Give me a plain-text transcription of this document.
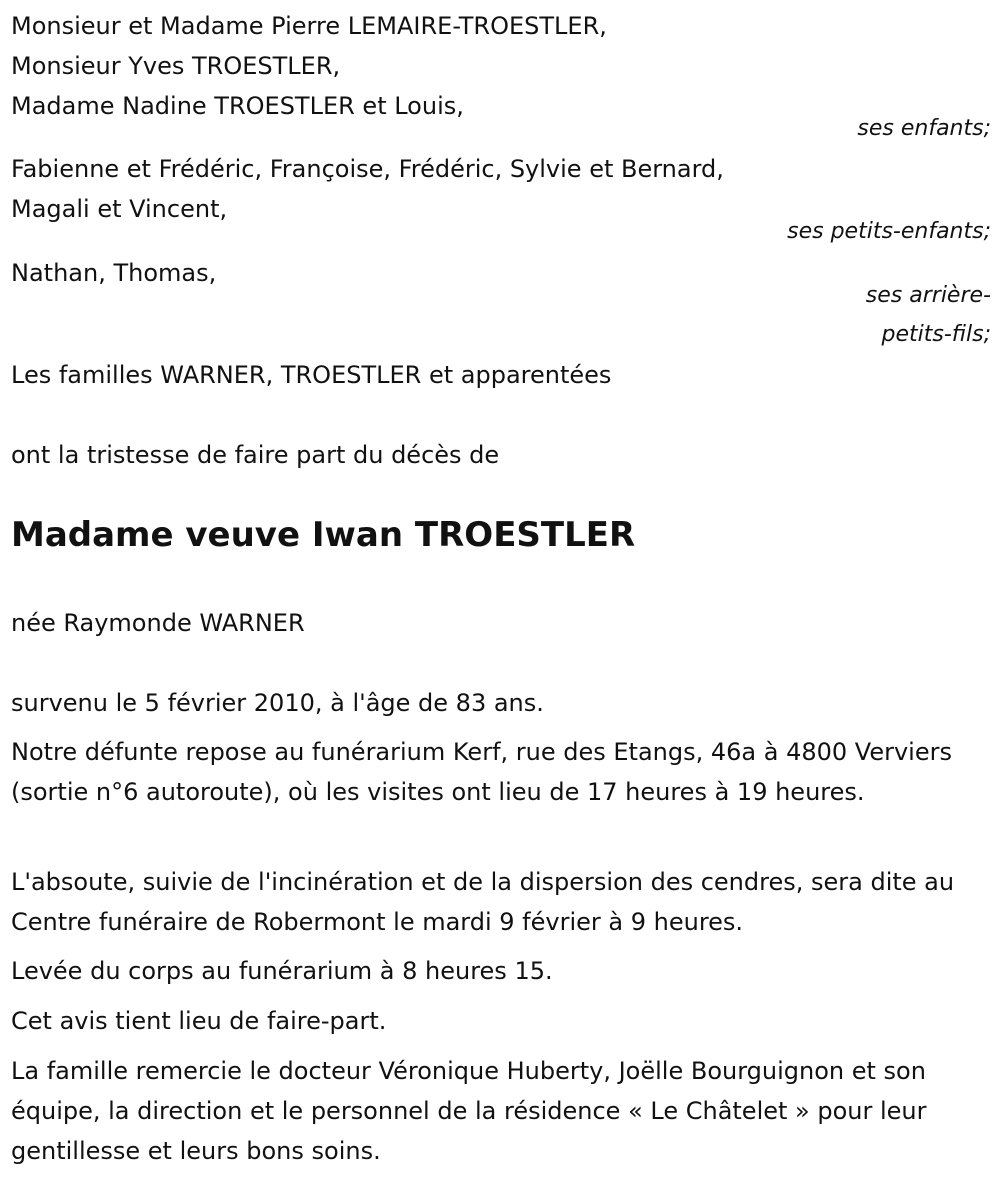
Monsieur et Madame Pierre LEMAIRE-TROESTLER,
Monsieur Yves TROESTLER,
Madame Nadine TROESTLER et Louis,
ses enfants;
Fabienne et Frédéric, Françoise, Frédéric, Sylvie et Bernard,
Magali et Vincent,
ses petits-enfants;
Nathan, Thomas,
ses arrière-
petits-fils;
Les familles WARNER, TROESTLER et apparentées
ont la tristesse de faire part du décès de
Madame veuve Iwan TROESTLER
née Raymonde WARNER
survenu le 5 février 2010, à l'âge de 83 ans.

Notre défunte repose au funérarium Kerf, rue des Etangs, 46a à 4800 Verviers (sortie n°6 autoroute), où les visites ont lieu de 17 heures à 19 heures.

L'absoute, suivie de l'incinération et de la dispersion des cendres, sera dite au Centre funéraire de Robermont le mardi 9 février à 9 heures.

Levée du corps au funérarium à 8 heures 15.
Cet avis tient lieu de faire-part.

La famille remercie le docteur Véronique Huberty, Joëlle Bourguignon et son équipe, la direction et le personnel de la résidence « Le Châtelet » pour leur gentillesse et leurs bons soins.
